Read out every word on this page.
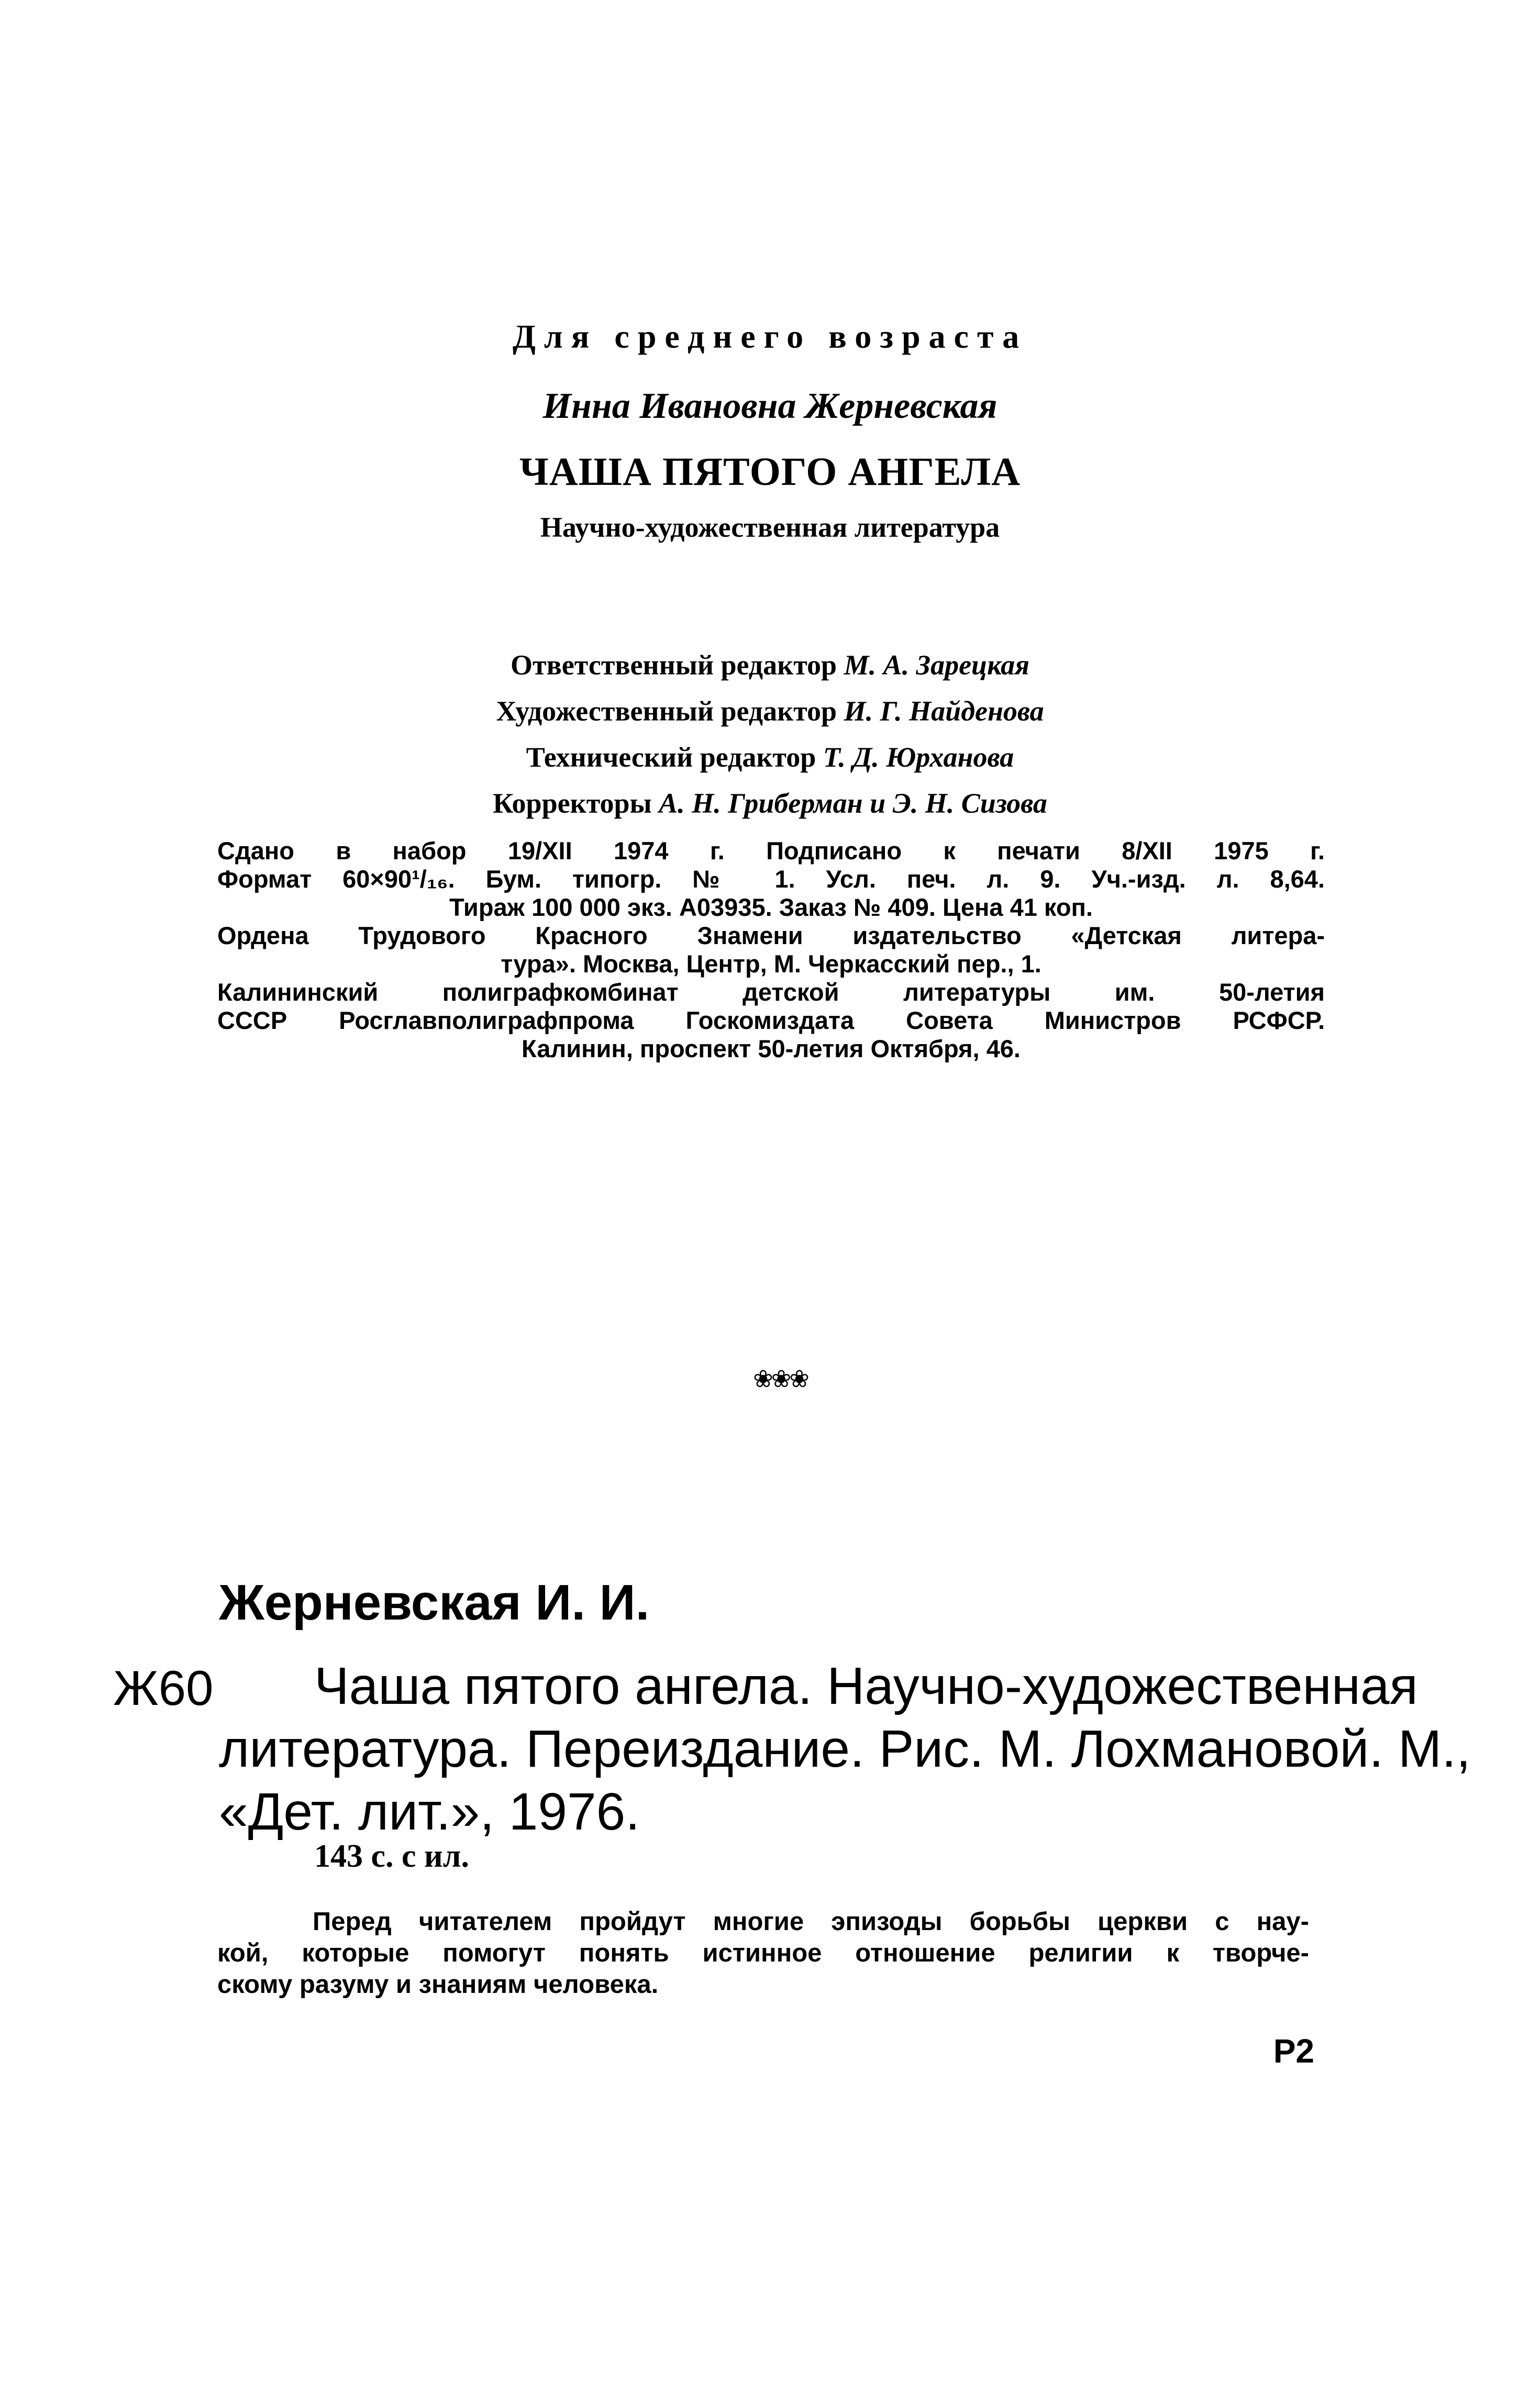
Для среднего возраста
Инна Ивановна Жерневская
ЧАША ПЯТОГО АНГЕЛА
Научно-художественная литература
Ответственный редактор М. А. Зарецкая
Художественный редактор И. Г. Найденова
Технический редактор Т. Д. Юрханова
Корректоры А. Н. Гриберман и Э. Н. Сизова
Сдано в набор 19/XII 1974 г. Подписано к печати 8/XII 1975 г.
Формат 60×90¹/₁₆. Бум. типогр. № 1. Усл. печ. л. 9. Уч.-изд. л. 8,64.
Тираж 100 000 экз. А03935. Заказ № 409. Цена 41 коп.
Ордена Трудового Красного Знамени издательство «Детская литера-
тура». Москва, Центр, М. Черкасский пер., 1.
Калининский полиграфкомбинат детской литературы им. 50-летия
СССР Росглавполиграфпрома Госкомиздата Совета Министров РСФСР.
Калинин, проспект 50-летия Октября, 46.
❀❀❀
Жерневская И. И.
Ж60	Чаша пятого ангела. Научно-художественная
литература. Переиздание. Рис. М. Лохмановой. М.,
«Дет. лит.», 1976.
143 с. с ил.
Перед читателем пройдут многие эпизоды борьбы церкви с нау-
кой, которые помогут понять истинное отношение религии к творче-
скому разуму и знаниям человека.
Р2
